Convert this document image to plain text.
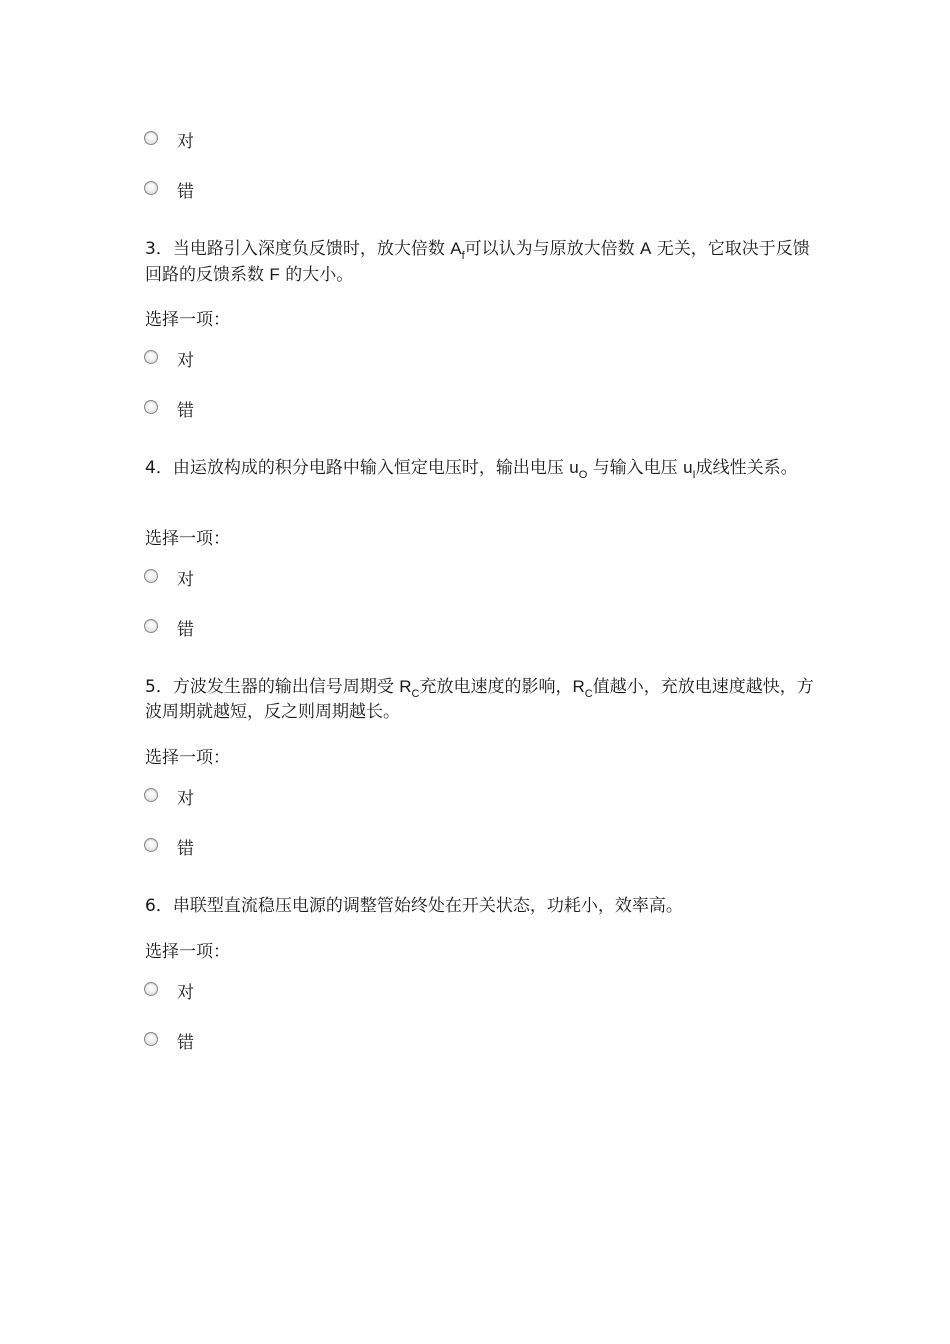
对
错

3．当电路引入深度负反馈时，放大倍数 $A_f$可以认为与原放大倍数 A 无关，它取决于反馈回路的反馈系数 F 的大小。

选择一项：

对
错

4．由运放构成的积分电路中输入恒定电压时，输出电压 $u_O$ 与输入电压 $u_I$成线性关系。

选择一项：

对
错

5．方波发生器的输出信号周期受 $R_C$充放电速度的影响，$R_C$值越小，充放电速度越快，方波周期就越短，反之则周期越长。

选择一项：

对
错

6．串联型直流稳压电源的调整管始终处在开关状态，功耗小，效率高。

选择一项：

对
错
